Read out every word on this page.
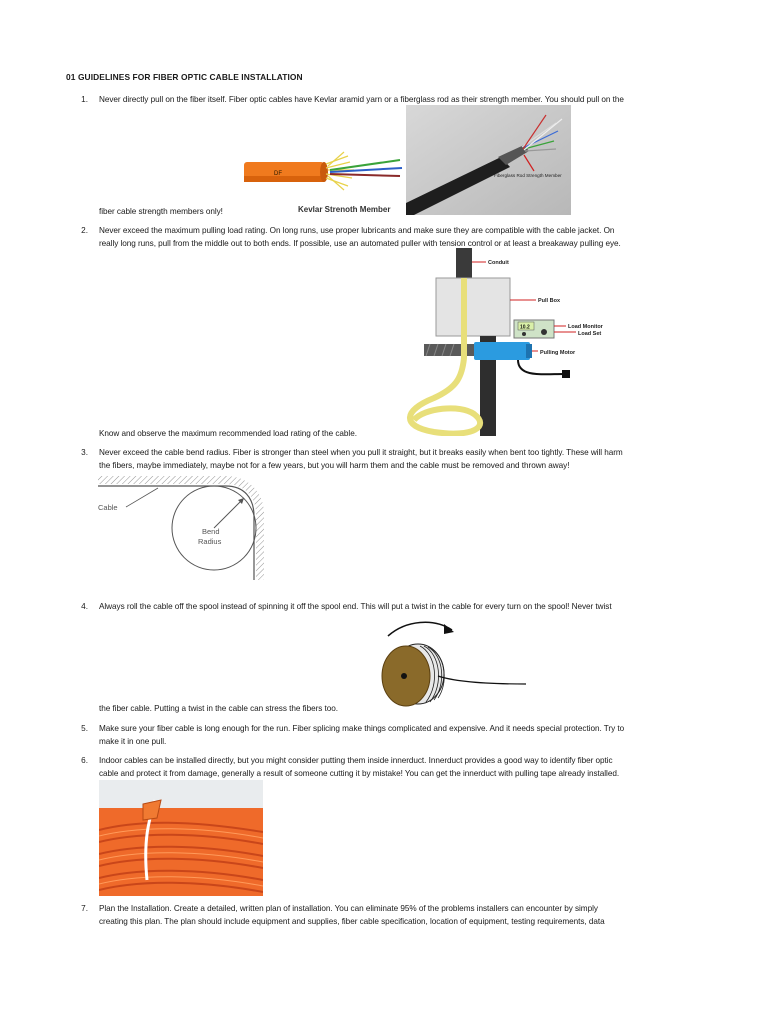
01 GUIDELINES FOR FIBER OPTIC CABLE INSTALLATION
1. Never directly pull on the fiber itself. Fiber optic cables have Kevlar aramid yarn or a fiberglass rod as their strength member. You should pull on the
DF
Kevlar Strenoth Member
Fiberglass Rod Strength Member
fiber cable strength members only!
2. Never exceed the maximum pulling load rating. On long runs, use proper lubricants and make sure they are compatible with the cable jacket. On
really long runs, pull from the middle out to both ends. If possible, use an automated puller with tension control or at least a breakaway pulling eye.
10.2
Conduit
Pull Box
Load Monitor
Load Set
Pulling Motor
Know and observe the maximum recommended load rating of the cable.
3. Never exceed the cable bend radius. Fiber is stronger than steel when you pull it straight, but it breaks easily when bent too tightly. These will harm
the fibers, maybe immediately, maybe not for a few years, but you will harm them and the cable must be removed and thrown away!
Cable
Bend
Radius
4. Always roll the cable off the spool instead of spinning it off the spool end. This will put a twist in the cable for every turn on the spool! Never twist
the fiber cable. Putting a twist in the cable can stress the fibers too.
5. Make sure your fiber cable is long enough for the run. Fiber splicing make things complicated and expensive. And it needs special protection. Try to
make it in one pull.
6. Indoor cables can be installed directly, but you might consider putting them inside innerduct. Innerduct provides a good way to identify fiber optic
cable and protect it from damage, generally a result of someone cutting it by mistake! You can get the innerduct with pulling tape already installed.
7. Plan the Installation. Create a detailed, written plan of installation. You can eliminate 95% of the problems installers can encounter by simply
creating this plan. The plan should include equipment and supplies, fiber cable specification, location of equipment, testing requirements, data
